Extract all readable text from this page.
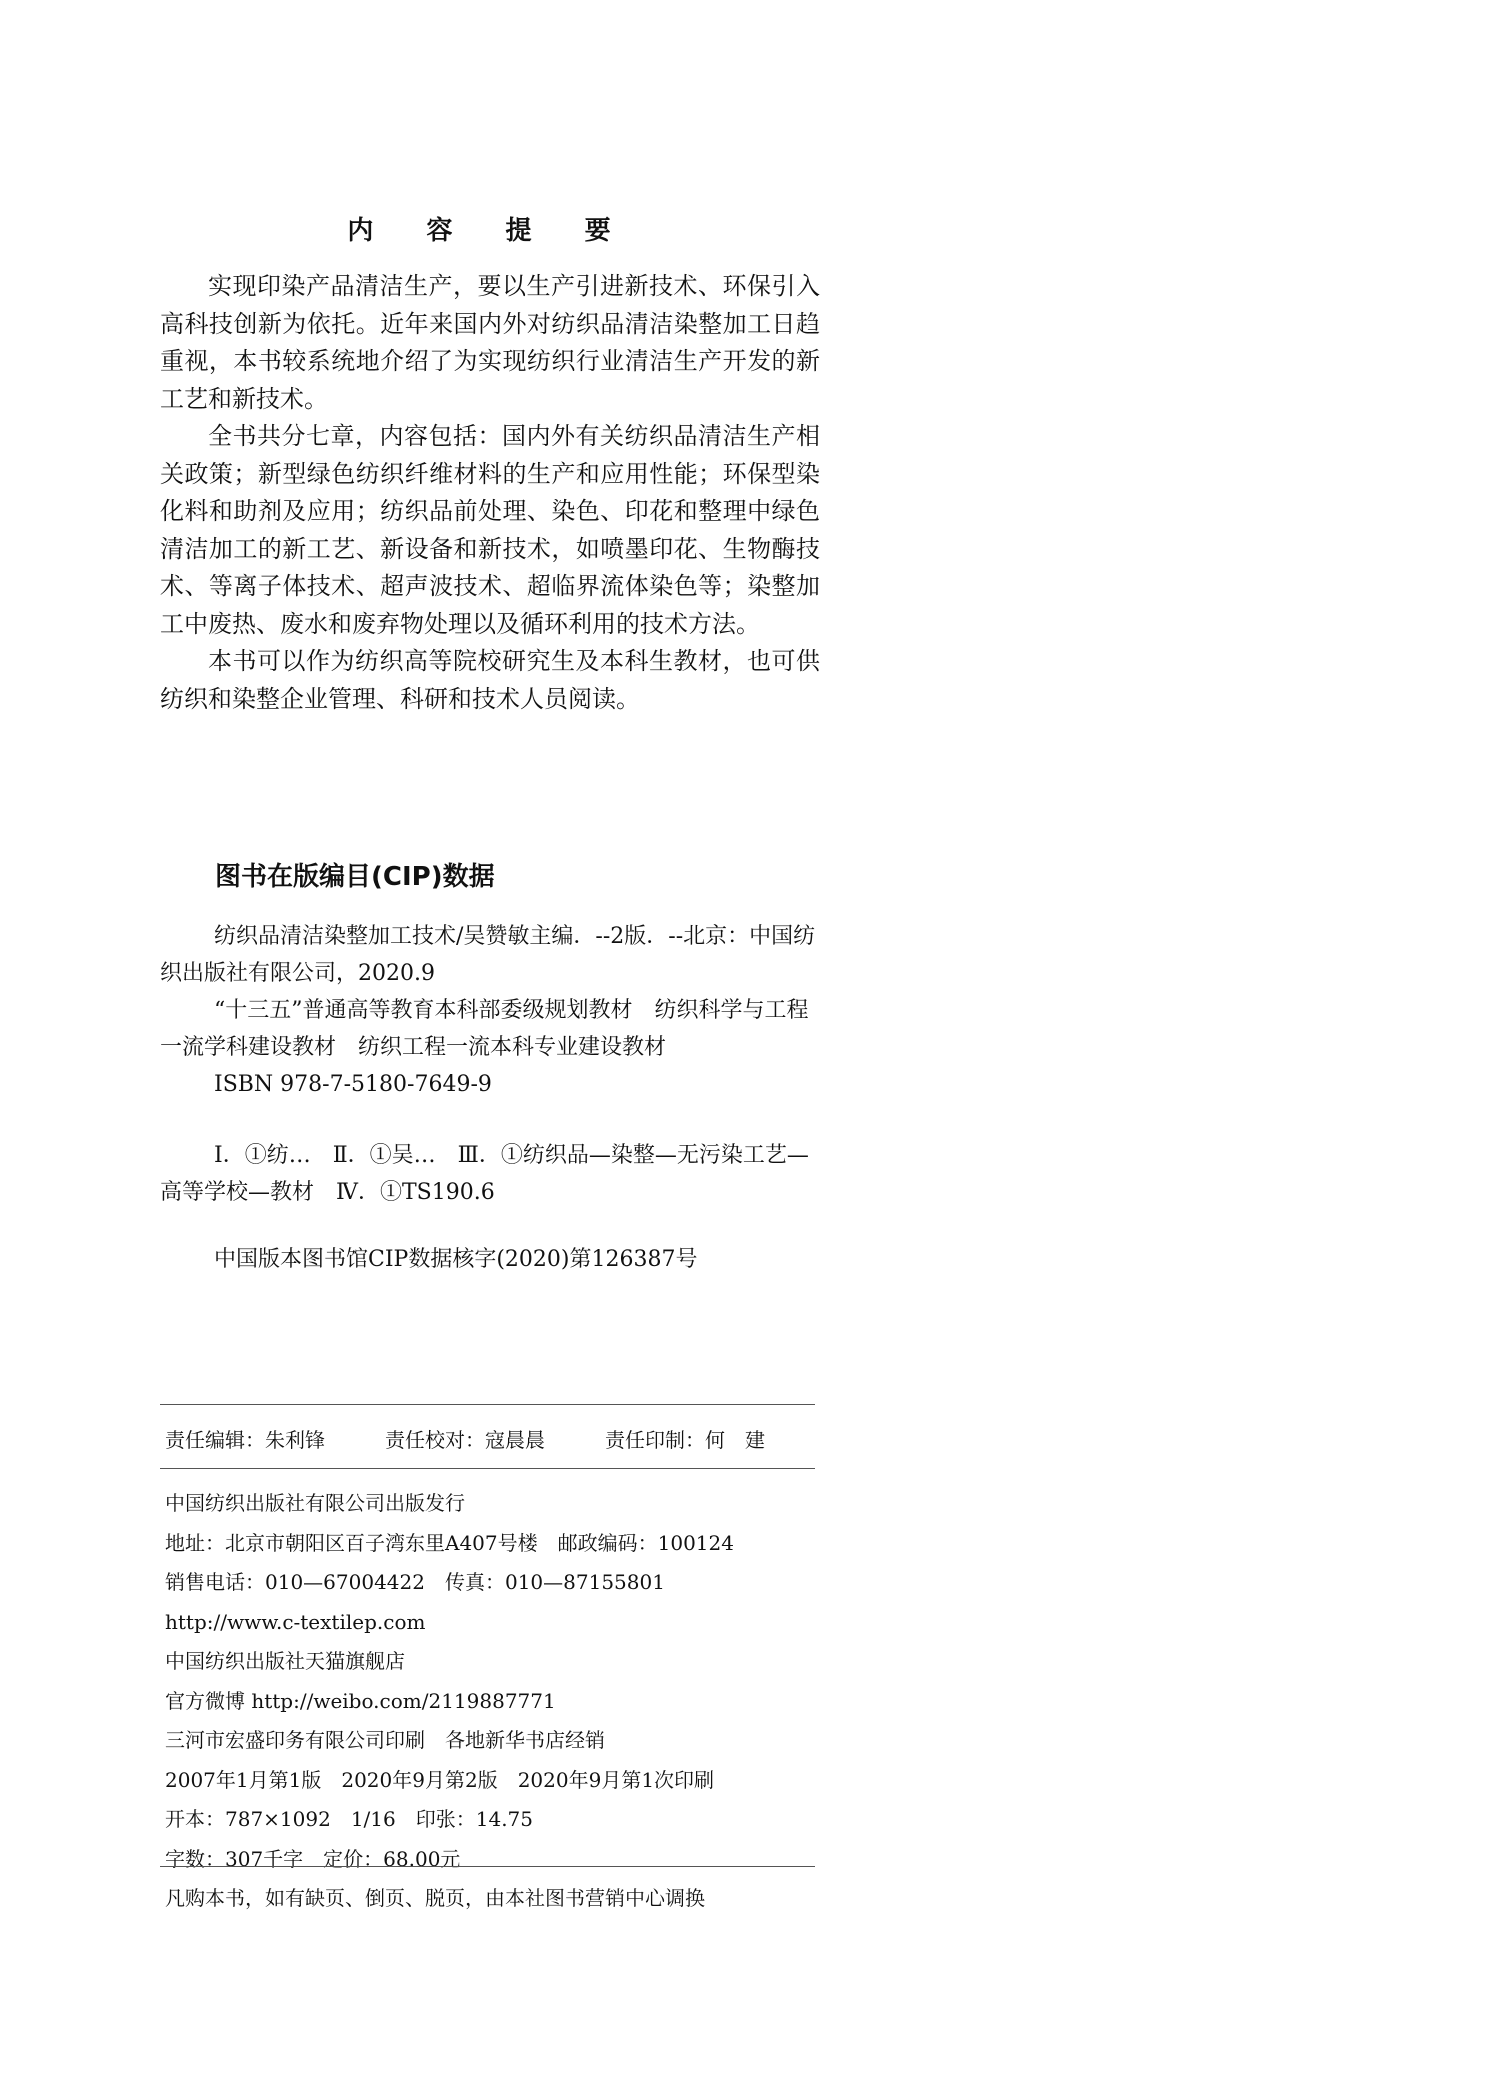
内 容 提 要

实现印染产品清洁生产，要以生产引进新技术、环保引入高科技创新为依托。近年来国内外对纺织品清洁染整加工日趋重视，本书较系统地介绍了为实现纺织行业清洁生产开发的新工艺和新技术。

全书共分七章，内容包括：国内外有关纺织品清洁生产相关政策；新型绿色纺织纤维材料的生产和应用性能；环保型染化料和助剂及应用；纺织品前处理、染色、印花和整理中绿色清洁加工的新工艺、新设备和新技术，如喷墨印花、生物酶技术、等离子体技术、超声波技术、超临界流体染色等；染整加工中废热、废水和废弃物处理以及循环利用的技术方法。

本书可以作为纺织高等院校研究生及本科生教材，也可供纺织和染整企业管理、科研和技术人员阅读。

图书在版编目(CIP)数据

纺织品清洁染整加工技术/吴赞敏主编．--2版．--北京：中国纺织出版社有限公司，2020.9

“十三五”普通高等教育本科部委级规划教材　纺织科学与工程一流学科建设教材　纺织工程一流本科专业建设教材

ISBN 978-7-5180-7649-9

Ⅰ．①纺…　Ⅱ．①吴…　Ⅲ．①纺织品—染整—无污染工艺—高等学校—教材　Ⅳ．①TS190.6

中国版本图书馆CIP数据核字(2020)第126387号

责任编辑：朱利锋　　　责任校对：寇晨晨　　　责任印制：何　建
中国纺织出版社有限公司出版发行
地址：北京市朝阳区百子湾东里A407号楼　邮政编码：100124
销售电话：010—67004422　传真：010—87155801
http://www.c-textilep.com
中国纺织出版社天猫旗舰店
官方微博 http://weibo.com/2119887771
三河市宏盛印务有限公司印刷　各地新华书店经销
2007年1月第1版　2020年9月第2版　2020年9月第1次印刷
开本：787×1092　1/16　印张：14.75
字数：307千字　定价：68.00元
凡购本书，如有缺页、倒页、脱页，由本社图书营销中心调换
